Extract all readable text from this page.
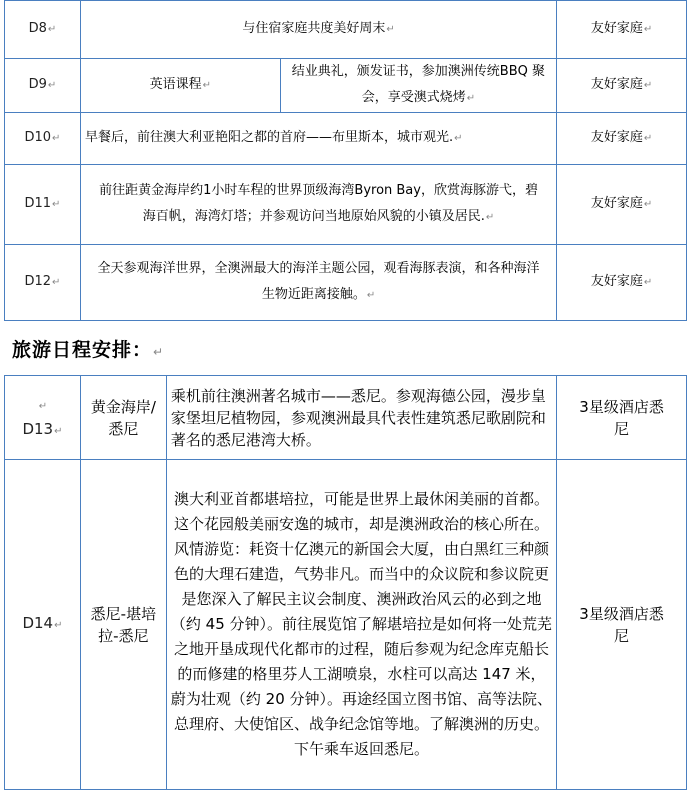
D8↵	与住宿家庭共度美好周末↵		友好家庭↵
D9↵	英语课程↵	结业典礼，颁发证书，参加澳洲传统BBQ 聚会，享受澳式烧烤↵	友好家庭↵
D10↵	早餐后，前往澳大利亚艳阳之都的首府——布里斯本，城市观光.↵		友好家庭↵
D11↵	前往距黄金海岸约1小时车程的世界顶级海湾Byron Bay，欣赏海豚游弋，碧海百帆，海湾灯塔；并参观访问当地原始风貌的小镇及居民.↵		友好家庭↵
D12↵	全天参观海洋世界，全澳洲最大的海洋主题公园，观看海豚表演，和各种海洋生物近距离接触。↵		友好家庭↵
旅游日程安排：↵
↵
D13↵	黄金海岸/悉尼	乘机前往澳洲著名城市——悉尼。参观海德公园，漫步皇家堡坦尼植物园，参观澳洲最具代表性建筑悉尼歌剧院和著名的悉尼港湾大桥。	3星级酒店悉尼
D14↵	悉尼-堪培拉-悉尼	澳大利亚首都堪培拉，可能是世界上最休闲美丽的首都。这个花园般美丽安逸的城市，却是澳洲政治的核心所在。风情游览：耗资十亿澳元的新国会大厦，由白黑红三种颜色的大理石建造，气势非凡。而当中的众议院和参议院更是您深入了解民主议会制度、澳洲政治风云的必到之地（约 45 分钟）。前往展览馆了解堪培拉是如何将一处荒芜之地开垦成现代化都市的过程，随后参观为纪念库克船长的而修建的格里芬人工湖喷泉，水柱可以高达 147 米，蔚为壮观（约 20 分钟）。再途经国立图书馆、高等法院、总理府、大使馆区、战争纪念馆等地。了解澳洲的历史。下午乘车返回悉尼。	3星级酒店悉尼
